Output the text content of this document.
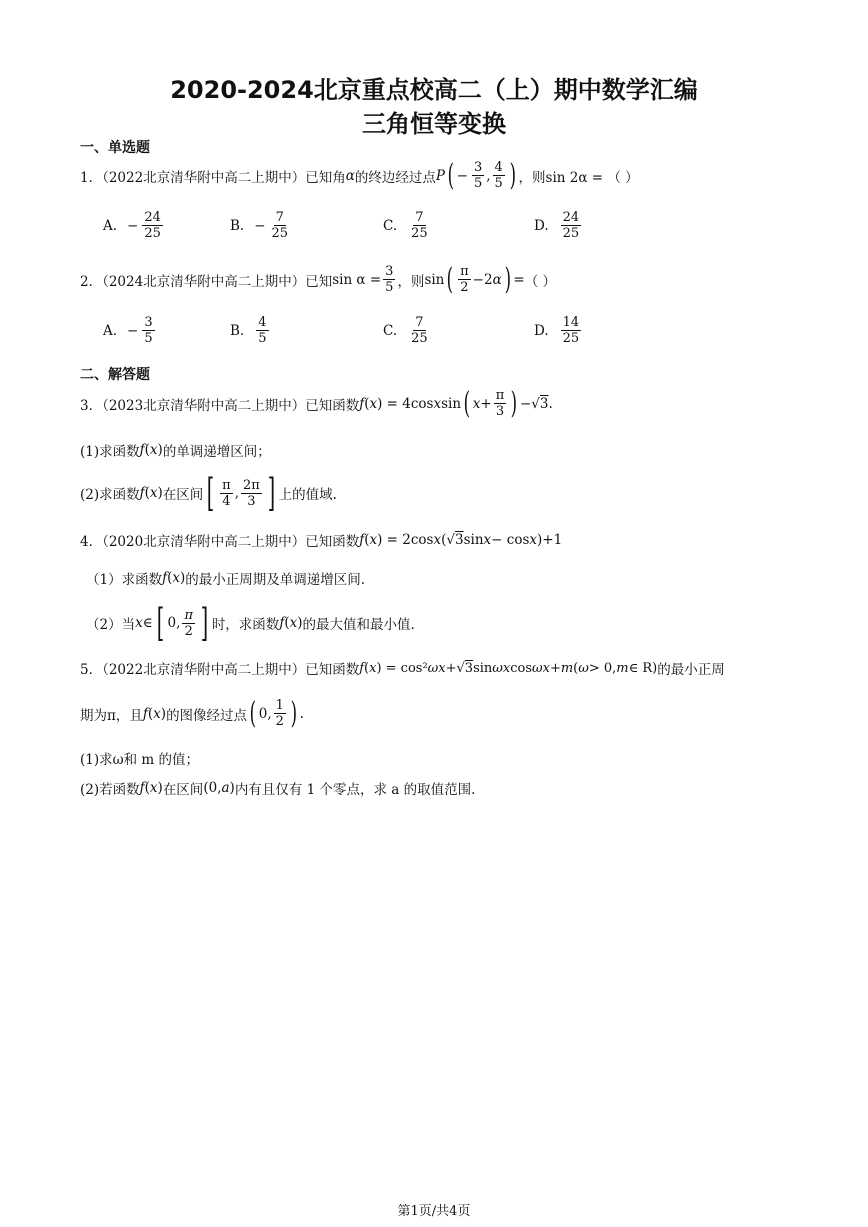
2020-2024北京重点校高二（上）期中数学汇编
三角恒等变换
一、单选题
1．（2022北京清华附中高二上期中）已知角 α 的终边经过点 P ( − $\frac{3}{5}$ , $\frac{4}{5}$ ) ，则 sin 2α = （ ）
A. − $\frac{24}{25}$	B. − $\frac{7}{25}$	C. $\frac{7}{25}$	D. $\frac{24}{25}$
2．（2024北京清华附中高二上期中）已知 $\sin \alpha = \frac{3}{5}$ ，则 sin ( $\frac{\pi}{2} -2$ α ) = （ ）
A. − $\frac{3}{5}$	B. $\frac{4}{5}$	C. $\frac{7}{25}$	D. $\frac{14}{25}$
二、解答题
3．（2023北京清华附中高二上期中）已知函数 f ( x ) = 4cos x sin ( $x + \frac{\pi}{3}$ ) −√ 3 .
(1)求函数 f ( x ) 的单调递增区间；
(2)求函数 f ( x ) 在区间 [ $\frac{\pi}{4}$ , $\frac{2\pi}{3}$ ] 上的值域.
4．（2020北京清华附中高二上期中）已知函数 f ( x ) = 2cos x (√ 3 sin x − cos x )+1
（1）求函数 f ( x ) 的最小正周期及单调递增区间.
（2）当 x ∈ [ 0, $\frac{\pi}{2}$ ] 时，求函数 f ( x ) 的最大值和最小值.
5．（2022北京清华附中高二上期中）已知函数 f ( x ) = cos² ωx +√ 3 sin ωx cos ωx + m ( ω > 0, m ∈ R) 的最小正周
期为π，且 f ( x ) 的图像经过点 ( 0, $\frac{1}{2}$ ) .
(1)求ω和 m 的值；
(2)若函数 f ( x ) 在区间 (0, a ) 内有且仅有 1 个零点，求 a 的取值范围.
第1页/共4页
